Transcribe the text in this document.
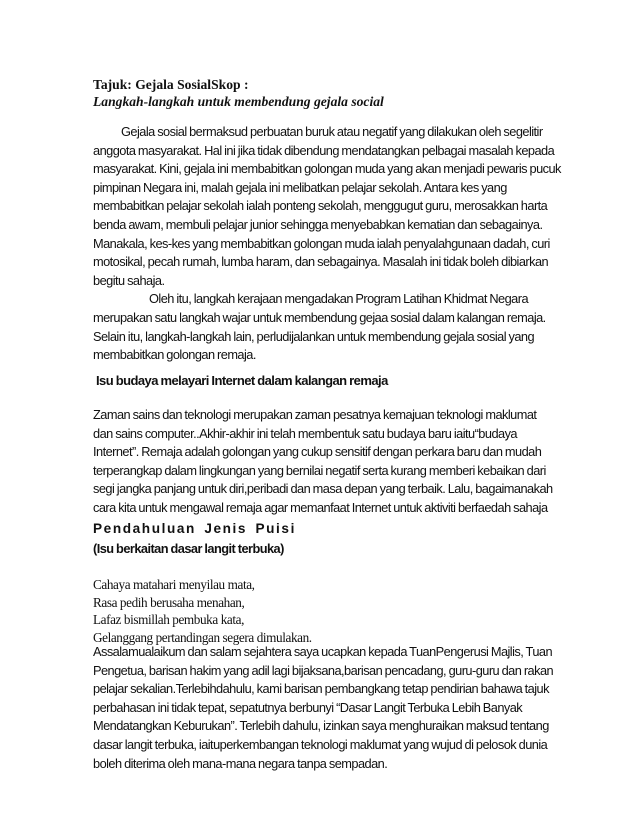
Tajuk: Gejala SosialSkop :
Langkah-langkah untuk membendung gejala social

Gejala sosial bermaksud perbuatan buruk atau negatif yang dilakukan oleh segelitir

anggota masyarakat. Hal ini jika tidak dibendung mendatangkan pelbagai masalah kepada

masyarakat. Kini, gejala ini membabitkan golongan muda yang akan menjadi pewaris pucuk

pimpinan Negara ini, malah gejala ini melibatkan pelajar sekolah. Antara kes yang

membabitkan pelajar sekolah ialah ponteng sekolah, menggugut guru, merosakkan harta

benda awam, membuli pelajar junior sehingga menyebabkan kematian dan sebagainya.

Manakala, kes-kes yang membabitkan golongan muda ialah penyalahgunaan dadah, curi

motosikal, pecah rumah, lumba haram, dan sebagainya. Masalah ini tidak boleh dibiarkan

begitu sahaja.

Oleh itu, langkah kerajaan mengadakan Program Latihan Khidmat Negara

merupakan satu langkah wajar untuk membendung gejaa sosial dalam kalangan remaja.

Selain itu, langkah-langkah lain, perludijalankan untuk membendung gejala sosial yang

membabitkan golongan remaja.

Isu budaya melayari Internet dalam kalangan remaja

Zaman sains dan teknologi merupakan zaman pesatnya kemajuan teknologi maklumat

dan sains computer..Akhir-akhir ini telah membentuk satu budaya baru iaitu“budaya

Internet”. Remaja adalah golongan yang cukup sensitif dengan perkara baru dan mudah

terperangkap dalam lingkungan yang bernilai negatif serta kurang memberi kebaikan dari

segi jangka panjang untuk diri,peribadi dan masa depan yang terbaik. Lalu, bagaimanakah

cara kita untuk mengawal remaja agar memanfaat Internet untuk aktiviti berfaedah sahaja

Pendahuluan Jenis Puisi
(Isu berkaitan dasar langit terbuka)

Cahaya matahari menyilau mata,

Rasa pedih berusaha menahan,

Lafaz bismillah pembuka kata,

Gelanggang pertandingan segera dimulakan.

Assalamualaikum dan salam sejahtera saya ucapkan kepada TuanPengerusi Majlis, Tuan

Pengetua, barisan hakim yang adil lagi bijaksana,barisan pencadang, guru-guru dan rakan

pelajar sekalian.Terlebihdahulu, kami barisan pembangkang tetap pendirian bahawa tajuk

perbahasan ini tidak tepat, sepatutnya berbunyi “Dasar Langit Terbuka Lebih Banyak

Mendatangkan Keburukan”. Terlebih dahulu, izinkan saya menghuraikan maksud tentang

dasar langit terbuka, iaituperkembangan teknologi maklumat yang wujud di pelosok dunia

boleh diterima oleh mana-mana negara tanpa sempadan.
